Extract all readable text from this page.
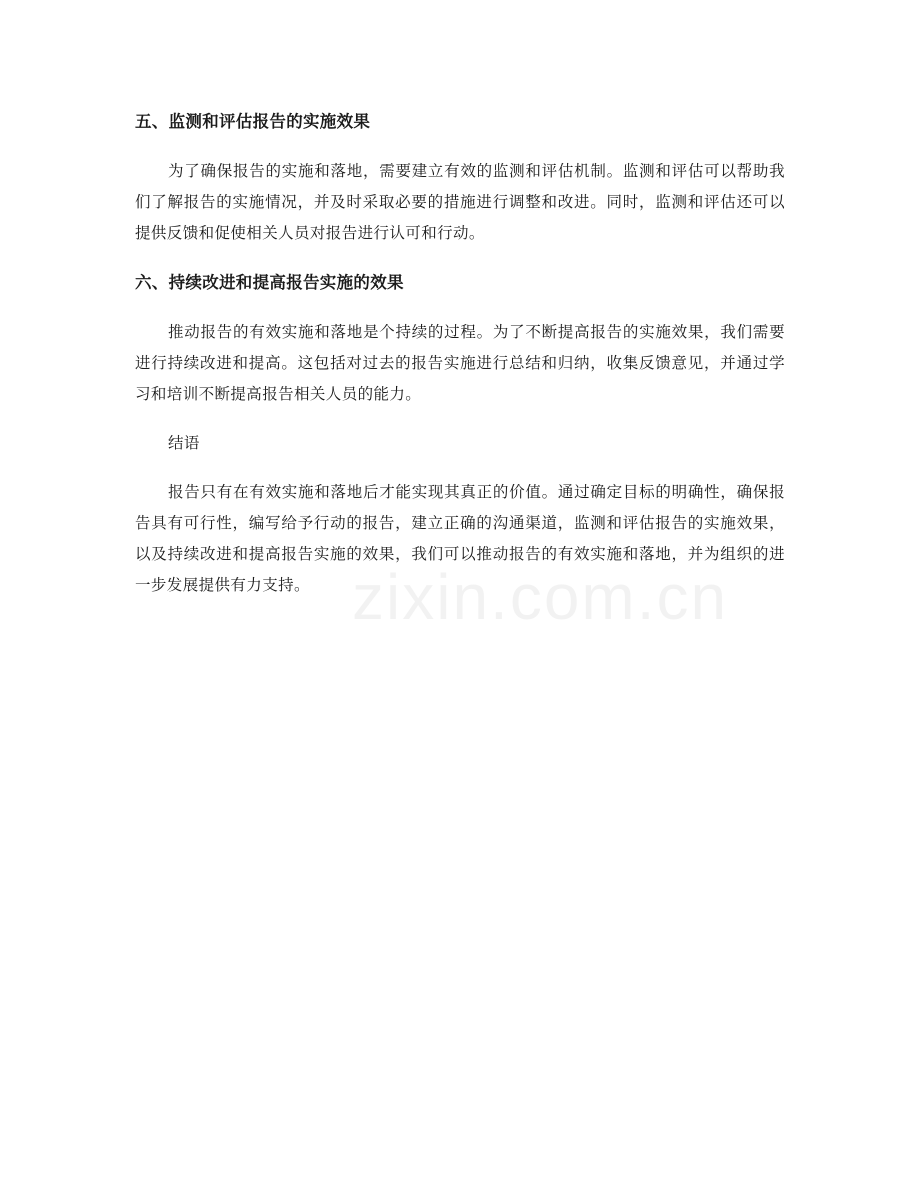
五、监测和评估报告的实施效果

为了确保报告的实施和落地，需要建立有效的监测和评估机制。监测和评估可以帮助我们了解报告的实施情况，并及时采取必要的措施进行调整和改进。同时，监测和评估还可以提供反馈和促使相关人员对报告进行认可和行动。

六、持续改进和提高报告实施的效果

推动报告的有效实施和落地是个持续的过程。为了不断提高报告的实施效果，我们需要进行持续改进和提高。这包括对过去的报告实施进行总结和归纳，收集反馈意见，并通过学习和培训不断提高报告相关人员的能力。

结语

报告只有在有效实施和落地后才能实现其真正的价值。通过确定目标的明确性，确保报告具有可行性，编写给予行动的报告，建立正确的沟通渠道，监测和评估报告的实施效果，以及持续改进和提高报告实施的效果，我们可以推动报告的有效实施和落地，并为组织的进一步发展提供有力支持。 zixin.com.cn
